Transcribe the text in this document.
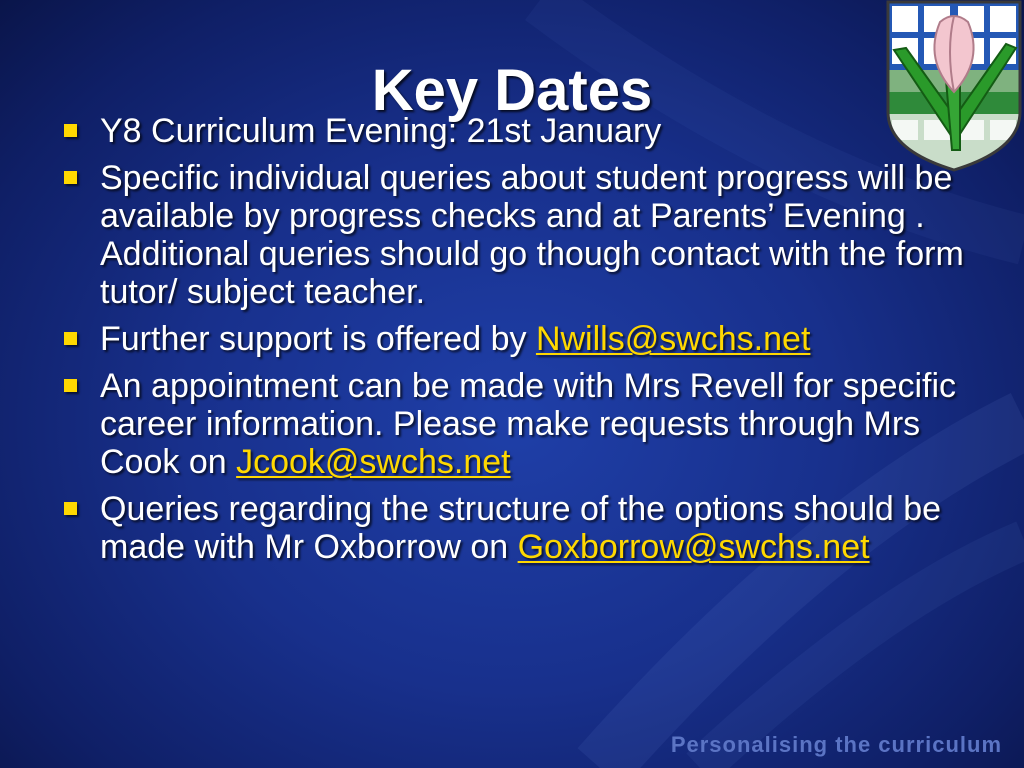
Key Dates
Y8 Curriculum Evening: 21st January
Specific individual queries about student progress will be available by progress checks and at Parents’ Evening . Additional queries should go though contact with the form tutor/ subject teacher.
Further support is offered by Nwills@swchs.net
An appointment can be made with Mrs Revell for specific career information. Please make requests through Mrs Cook on Jcook@swchs.net
Queries regarding the structure of the options should be made with Mr Oxborrow on Goxborrow@swchs.net
Personalising the curriculum
